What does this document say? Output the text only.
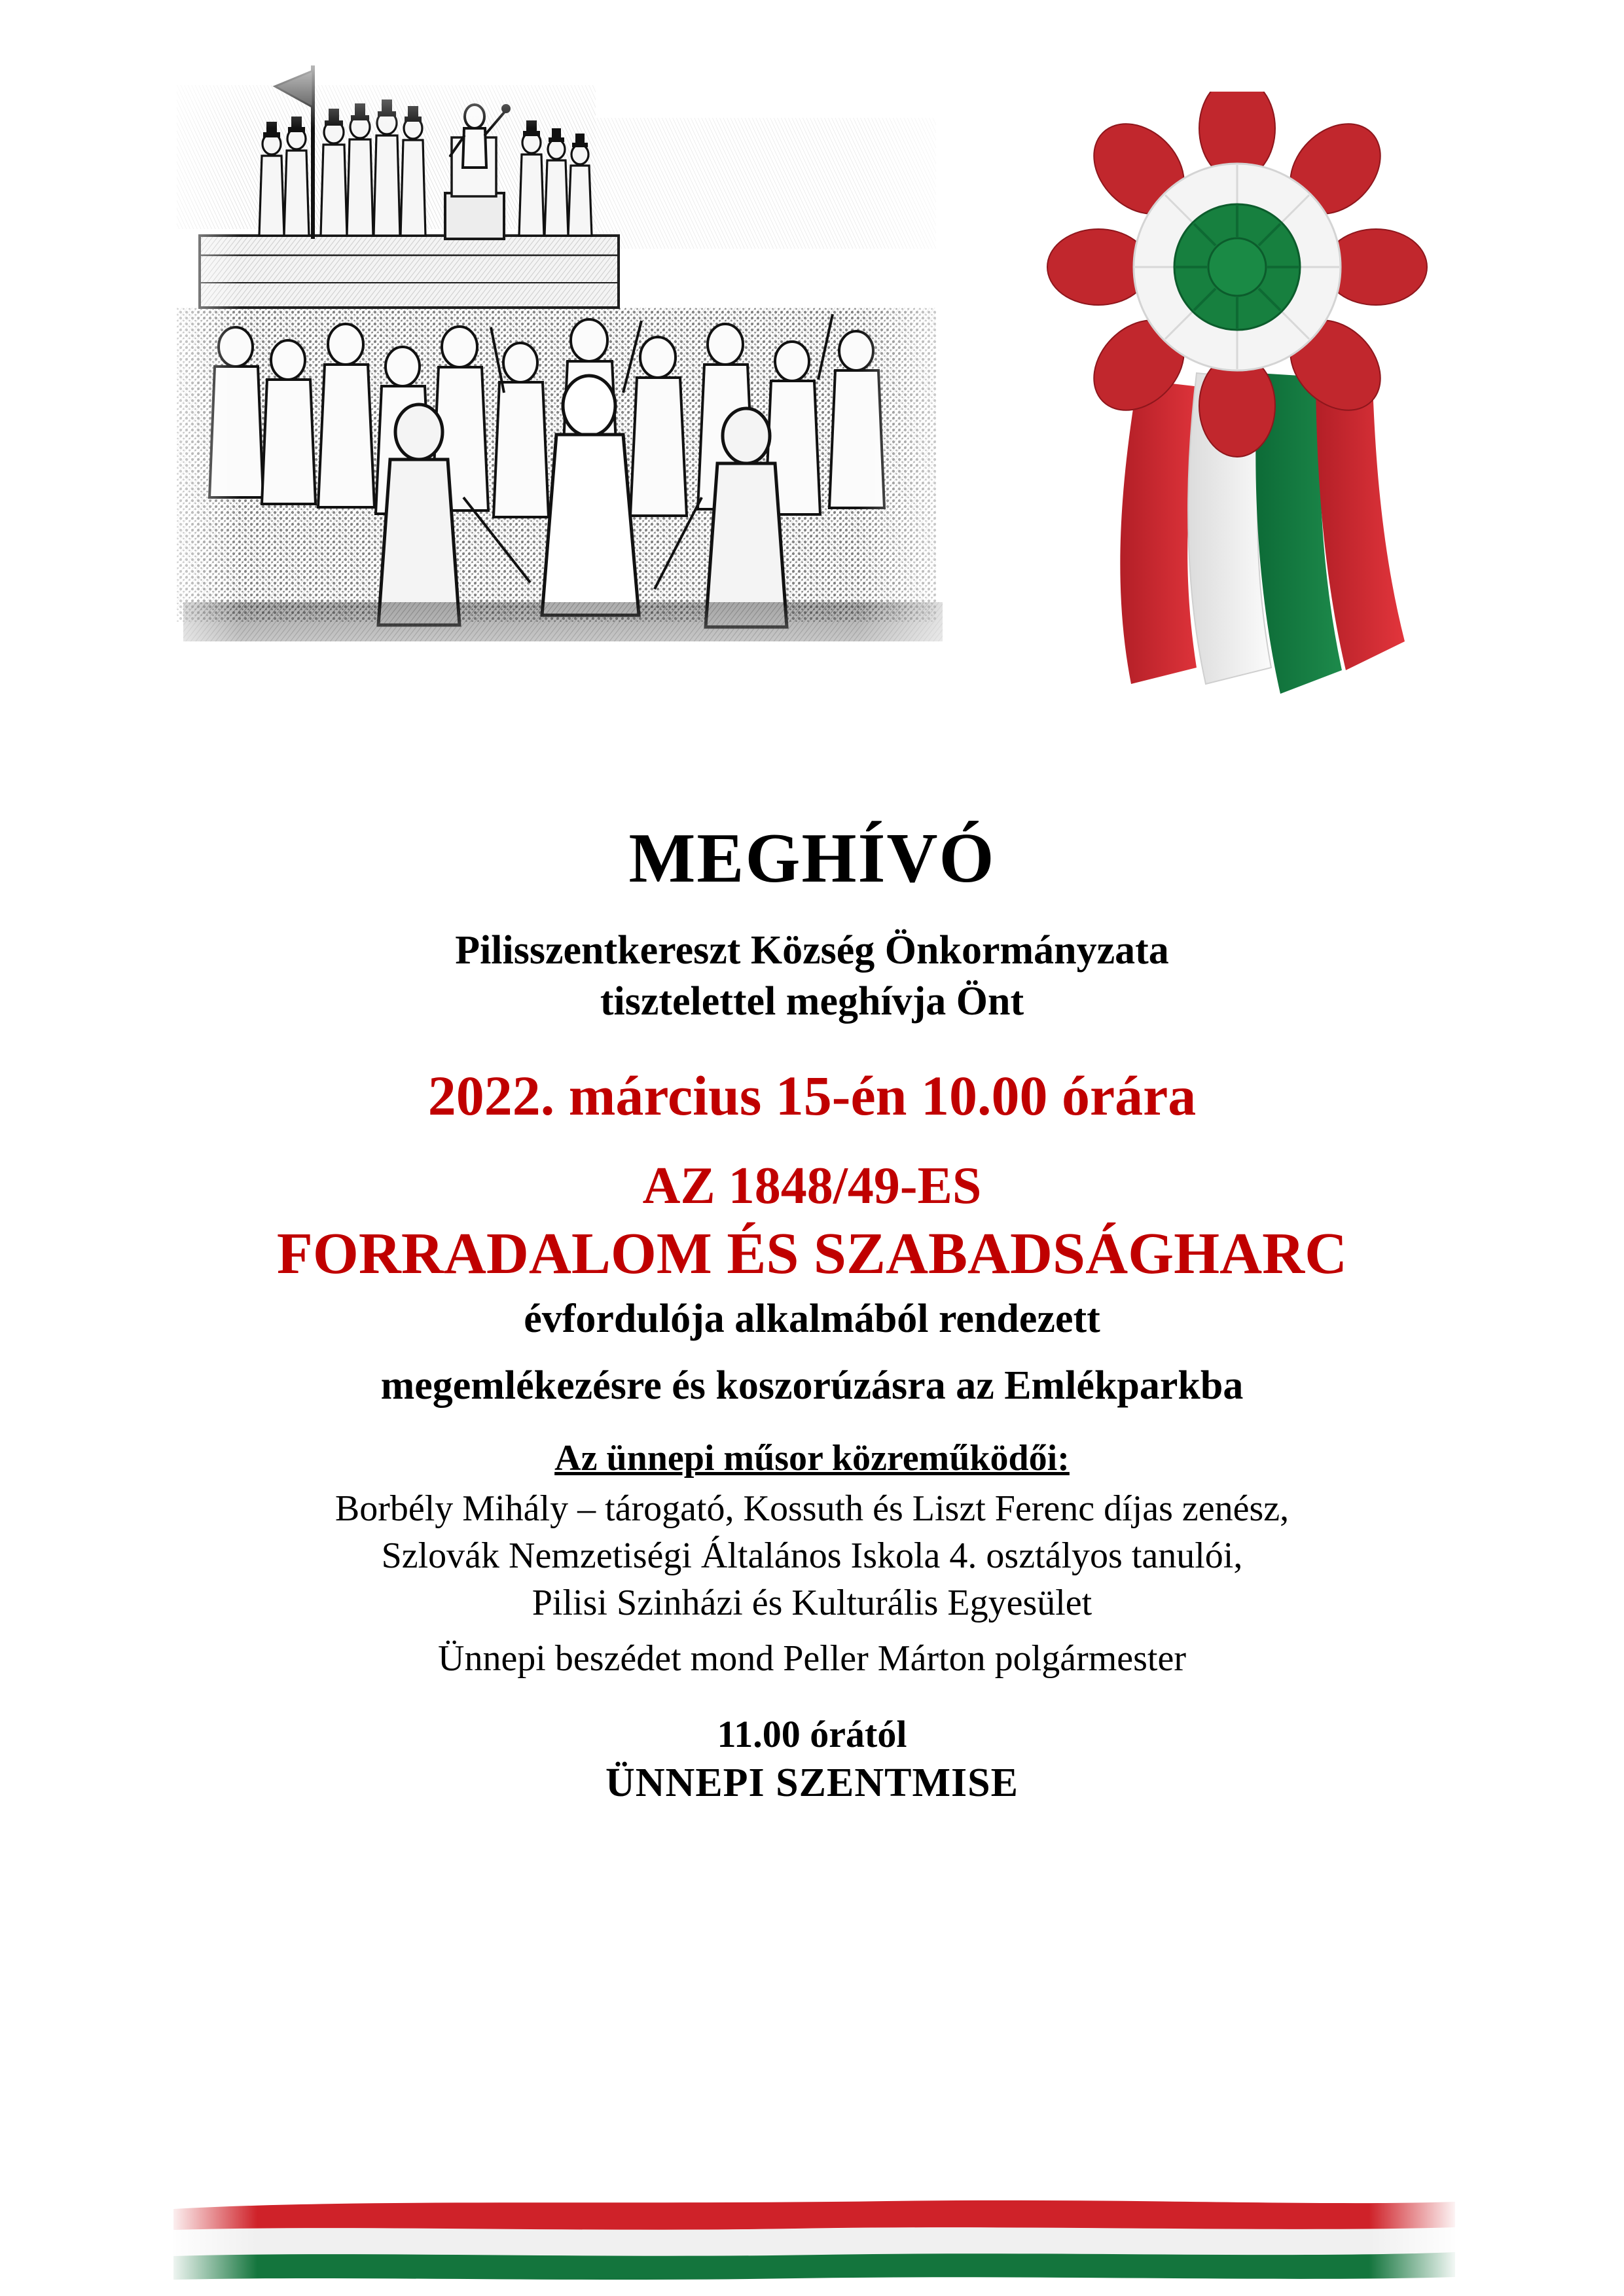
MEGHÍVÓ

Pilisszentkereszt Község Önkormányzata

tisztelettel meghívja Önt

2022. március 15-én 10.00 órára

AZ 1848/49-ES

FORRADALOM ÉS SZABADSÁGHARC

évfordulója alkalmából rendezett

megemlékezésre és koszorúzásra az Emlékparkba

Az ünnepi műsor közreműködői:

Borbély Mihály – tárogató, Kossuth és Liszt Ferenc díjas zenész,

Szlovák Nemzetiségi Általános Iskola 4. osztályos tanulói,

Pilisi Szinházi és Kulturális Egyesület

Ünnepi beszédet mond Peller Márton polgármester

11.00 órától

ÜNNEPI SZENTMISE
